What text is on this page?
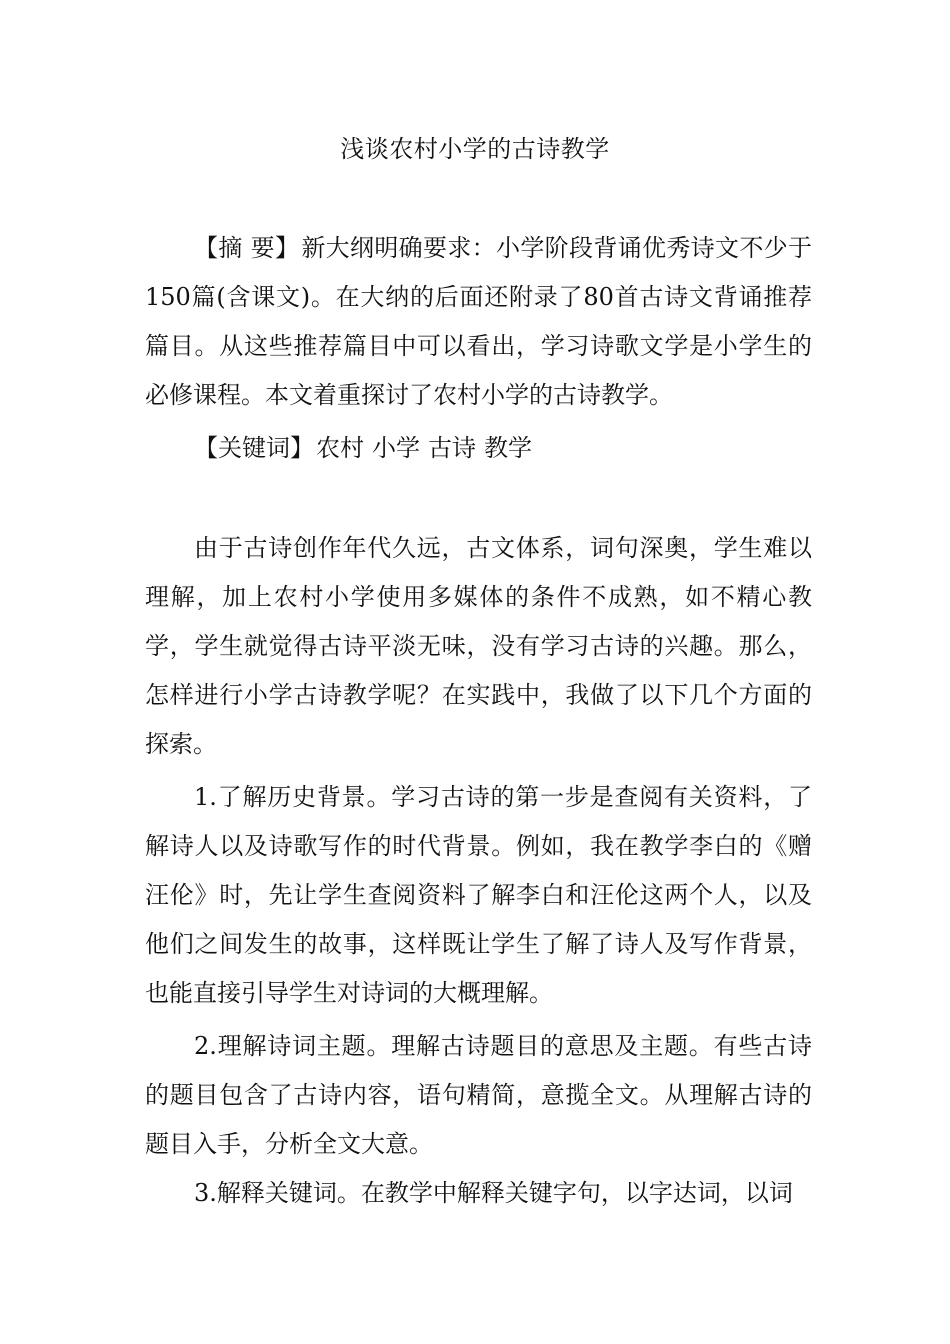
浅谈农村小学的古诗教学

【摘 要】新大纲明确要求：小学阶段背诵优秀诗文不少于150篇(含课文)。在大纳的后面还附录了80首古诗文背诵推荐篇目。从这些推荐篇目中可以看出，学习诗歌文学是小学生的必修课程。本文着重探讨了农村小学的古诗教学。

【关键词】农村 小学 古诗 教学

由于古诗创作年代久远，古文体系，词句深奥，学生难以理解，加上农村小学使用多媒体的条件不成熟，如不精心教学，学生就觉得古诗平淡无味，没有学习古诗的兴趣。那么，怎样进行小学古诗教学呢？在实践中，我做了以下几个方面的探索。

1.了解历史背景。学习古诗的第一步是查阅有关资料，了解诗人以及诗歌写作的时代背景。例如，我在教学李白的《赠汪伦》时，先让学生查阅资料了解李白和汪伦这两个人，以及他们之间发生的故事，这样既让学生了解了诗人及写作背景，也能直接引导学生对诗词的大概理解。

2.理解诗词主题。理解古诗题目的意思及主题。有些古诗的题目包含了古诗内容，语句精简，意揽全文。从理解古诗的题目入手，分析全文大意。

3.解释关键词。在教学中解释关键字句，以字达词，以词
